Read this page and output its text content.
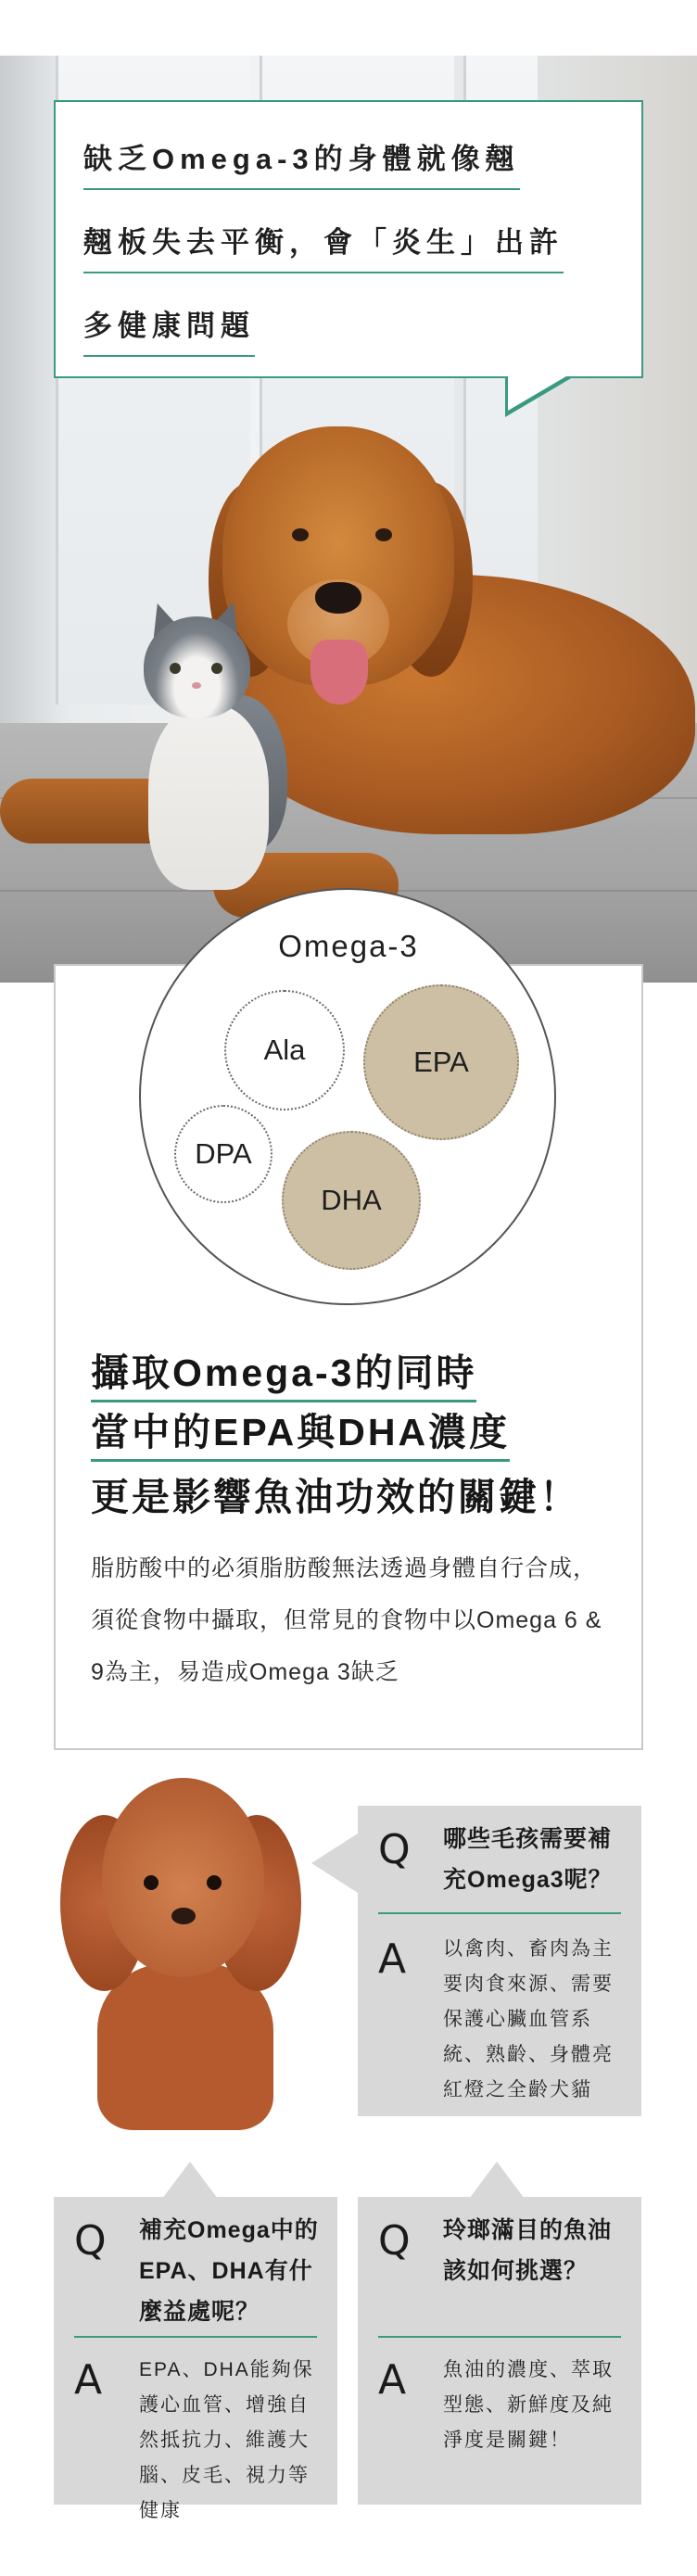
缺乏Omega-3的身體就像翹
翹板失去平衡，會「炎生」出許
多健康問題
Omega-3
Ala	EPA
DPA
DHA
攝取Omega-3的同時
當中的EPA與DHA濃度
更是影響魚油功效的關鍵！
脂肪酸中的必須脂肪酸無法透過身體自行合成，須從食物中攝取，但常見的食物中以Omega 6 & 9為主，易造成Omega 3缺乏
Q 哪些毛孩需要補充Omega3呢？
A 以禽肉、畜肉為主要肉食來源、需要保護心臟血管系統、熟齡、身體亮紅燈之全齡犬貓
Q 補充Omega中的EPA、DHA有什麼益處呢？
A EPA、DHA能夠保護心血管、增強自然抵抗力、維護大腦、皮毛、視力等健康
Q 玲瑯滿目的魚油該如何挑選？
A 魚油的濃度、萃取型態、新鮮度及純淨度是關鍵！
